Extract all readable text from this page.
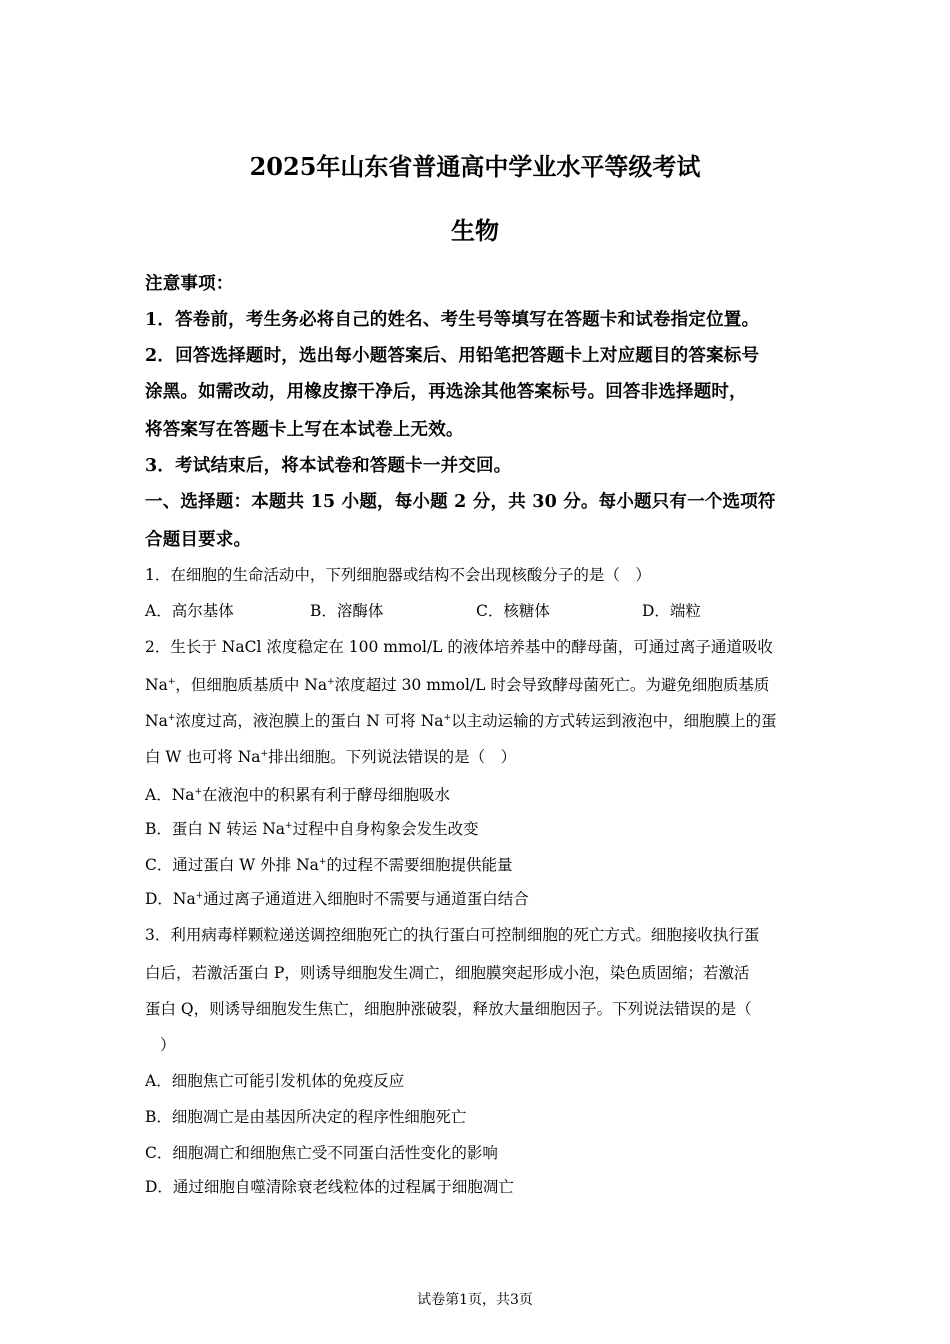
2025年山东省普通高中学业水平等级考试
生物
注意事项：
1．答卷前，考生务必将自己的姓名、考生号等填写在答题卡和试卷指定位置。
2．回答选择题时，选出每小题答案后、用铅笔把答题卡上对应题目的答案标号
涂黑。如需改动，用橡皮擦干净后，再选涂其他答案标号。回答非选择题时，
将答案写在答题卡上写在本试卷上无效。
3．考试结束后，将本试卷和答题卡一并交回。
一、选择题：本题共 15 小题，每小题 2 分，共 30 分。每小题只有一个选项符
合题目要求。
1．在细胞的生命活动中，下列细胞器或结构不会出现核酸分子的是（　）
A．高尔基体	B．溶酶体	C．核糖体	D．端粒
2．生长于 NaCl 浓度稳定在 100 mmol/L 的液体培养基中的酵母菌，可通过离子通道吸收
Na+，但细胞质基质中 Na+浓度超过 30 mmol/L 时会导致酵母菌死亡。为避免细胞质基质
Na+浓度过高，液泡膜上的蛋白 N 可将 Na+以主动运输的方式转运到液泡中，细胞膜上的蛋
白 W 也可将 Na+排出细胞。下列说法错误的是（　）
A．Na+在液泡中的积累有利于酵母细胞吸水
B．蛋白 N 转运 Na+过程中自身构象会发生改变
C．通过蛋白 W 外排 Na+的过程不需要细胞提供能量
D．Na+通过离子通道进入细胞时不需要与通道蛋白结合
3．利用病毒样颗粒递送调控细胞死亡的执行蛋白可控制细胞的死亡方式。细胞接收执行蛋
白后，若激活蛋白 P，则诱导细胞发生凋亡，细胞膜突起形成小泡，染色质固缩；若激活
蛋白 Q，则诱导细胞发生焦亡，细胞肿涨破裂，释放大量细胞因子。下列说法错误的是（
）
A．细胞焦亡可能引发机体的免疫反应
B．细胞凋亡是由基因所决定的程序性细胞死亡
C．细胞凋亡和细胞焦亡受不同蛋白活性变化的影响
D．通过细胞自噬清除衰老线粒体的过程属于细胞凋亡
试卷第1页，共3页
